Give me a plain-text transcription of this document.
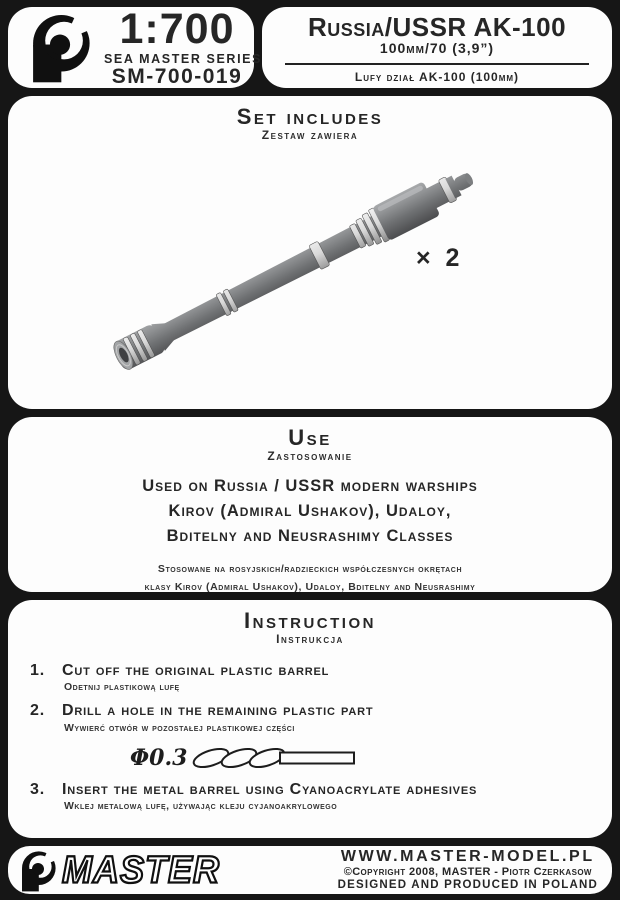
1:700
SEA MASTER SERIES
SM-700-019
Russia/USSR AK-100
100mm/70 (3,9”)
Lufy dział AK-100 (100mm)
Set includes
Zestaw zawiera
× 2
Use
Zastosowanie
Used on Russia / USSR modern warships
Kirov (Admiral Ushakov), Udaloy,
Bditelny and Neusrashimy Classes
Stosowane na rosyjskich/radzieckich współczesnych okrętach
klasy Kirov (Admiral Ushakov), Udaloy, Bditelny and Neusrashimy
Instruction
Instrukcja
1. Cut off the original plastic barrel
Odetnij plastikową lufę
2. Drill a hole in the remaining plastic part
Wywierć otwór w pozostałej plastikowej części
Φ0.3
3. Insert the metal barrel using Cyanoacrylate adhesives
Wklej metalową lufę, używając kleju cyjanoakrylowego
MASTER	WWW.MASTER-MODEL.PL
©Copyright 2008, MASTER - Piotr Czerkasow
DESIGNED AND PRODUCED IN POLAND
